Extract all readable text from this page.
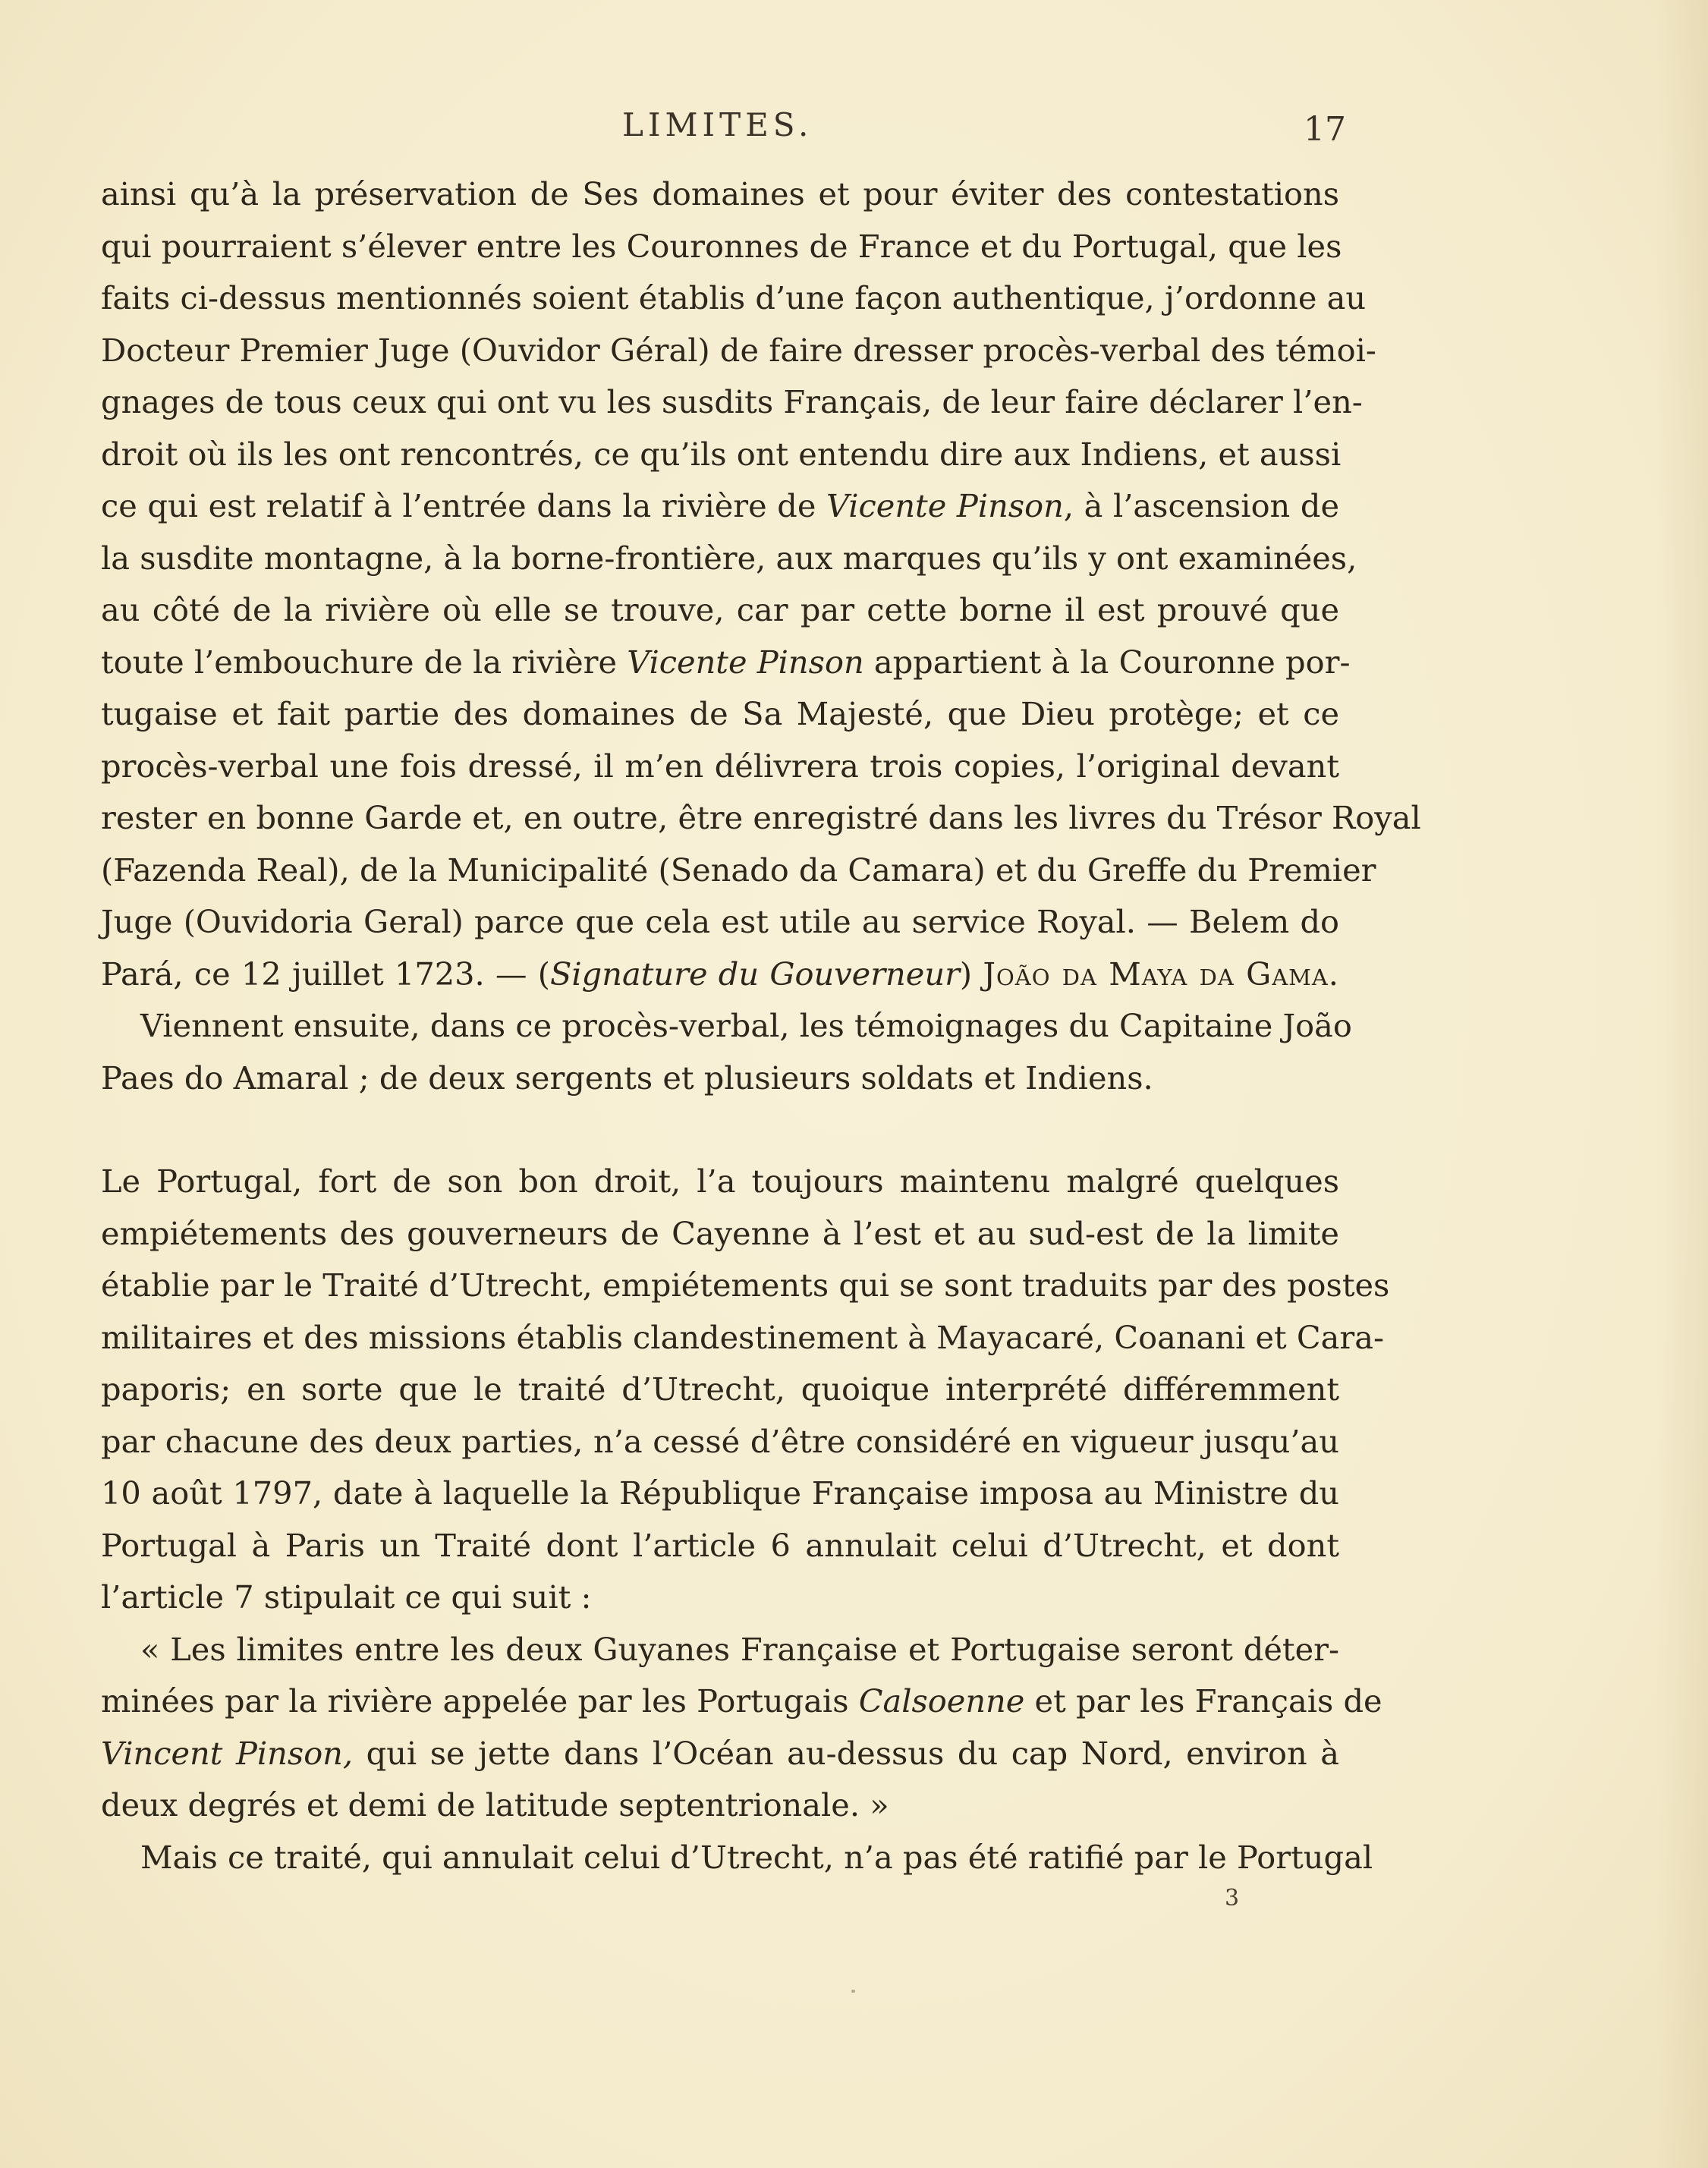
LIMITES.	17
ainsi qu’à la préservation de Ses domaines et pour éviter des contestations
qui pourraient s’élever entre les Couronnes de France et du Portugal, que les
faits ci-dessus mentionnés soient établis d’une façon authentique, j’ordonne au
Docteur Premier Juge (Ouvidor Géral) de faire dresser procès-verbal des témoi-
gnages de tous ceux qui ont vu les susdits Français, de leur faire déclarer l’en-
droit où ils les ont rencontrés, ce qu’ils ont entendu dire aux Indiens, et aussi
ce qui est relatif à l’entrée dans la rivière de Vicente Pinson, à l’ascension de
la susdite montagne, à la borne-frontière, aux marques qu’ils y ont examinées,
au côté de la rivière où elle se trouve, car par cette borne il est prouvé que
toute l’embouchure de la rivière Vicente Pinson appartient à la Couronne por-
tugaise et fait partie des domaines de Sa Majesté, que Dieu protège; et ce
procès-verbal une fois dressé, il m’en délivrera trois copies, l’original devant
rester en bonne Garde et, en outre, être enregistré dans les livres du Trésor Royal
(Fazenda Real), de la Municipalité (Senado da Camara) et du Greffe du Premier
Juge (Ouvidoria Geral) parce que cela est utile au service Royal. — Belem do
Pará, ce 12 juillet 1723. — (Signature du Gouverneur) João da Maya da Gama.
Viennent ensuite, dans ce procès-verbal, les témoignages du Capitaine João
Paes do Amaral ; de deux sergents et plusieurs soldats et Indiens.
Le Portugal, fort de son bon droit, l’a toujours maintenu malgré quelques
empiétements des gouverneurs de Cayenne à l’est et au sud-est de la limite
établie par le Traité d’Utrecht, empiétements qui se sont traduits par des postes
militaires et des missions établis clandestinement à Mayacaré, Coanani et Cara-
paporis; en sorte que le traité d’Utrecht, quoique interprété différemment
par chacune des deux parties, n’a cessé d’être considéré en vigueur jusqu’au
10 août 1797, date à laquelle la République Française imposa au Ministre du
Portugal à Paris un Traité dont l’article 6 annulait celui d’Utrecht, et dont
l’article 7 stipulait ce qui suit :
« Les limites entre les deux Guyanes Française et Portugaise seront déter-
minées par la rivière appelée par les Portugais Calsoenne et par les Français de
Vincent Pinson, qui se jette dans l’Océan au-dessus du cap Nord, environ à
deux degrés et demi de latitude septentrionale. »
Mais ce traité, qui annulait celui d’Utrecht, n’a pas été ratifié par le Portugal
3
